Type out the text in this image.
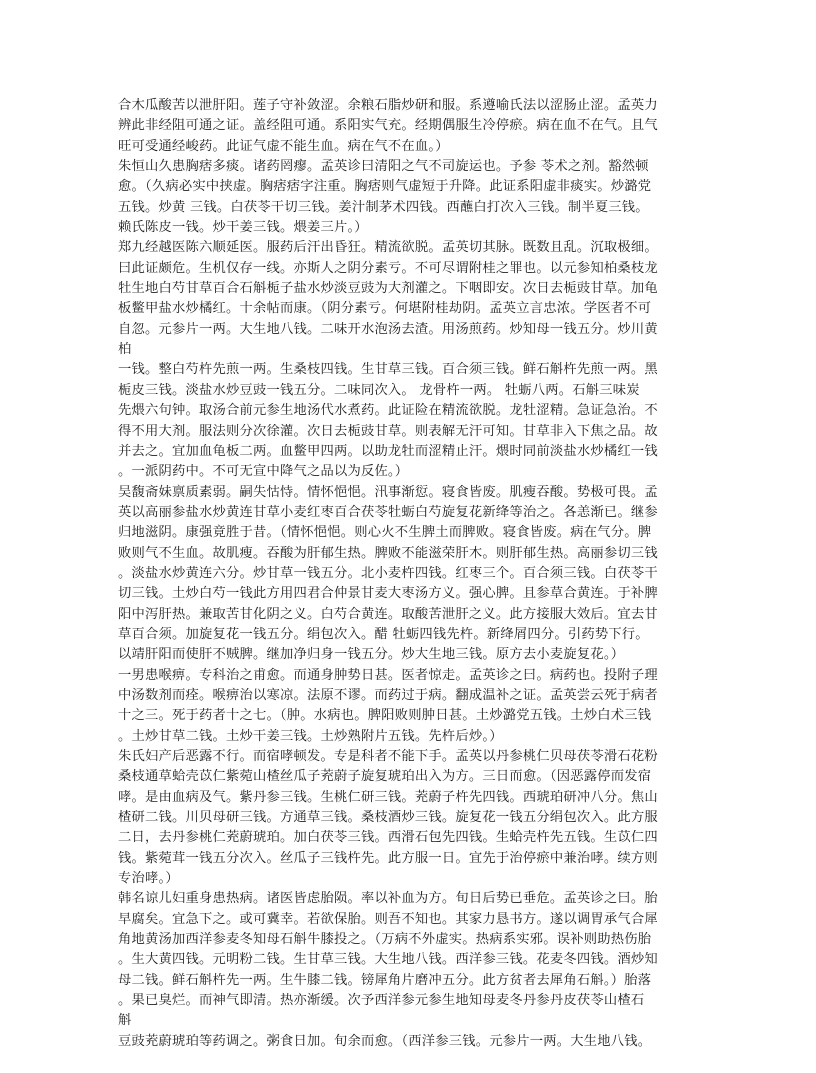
合木瓜酸苦以泄肝阳。莲子守补敛涩。余粮石脂炒研和服。系遵喻氏法以涩肠止涩。孟英力
辨此非经阻可通之证。盖经阻可通。系阳实气充。经期偶服生冷停瘀。病在血不在气。且气
旺可受通经峻药。此证气虚不能生血。病在气不在血。）
朱恒山久患胸痞多痰。诸药罔瘳。孟英诊曰清阳之气不司旋运也。予参 苓术之剂。豁然顿
愈。（久病必实中挟虚。胸痞痞字注重。胸痞则气虚短于升降。此证系阳虚非痰实。炒潞党
五钱。炒黄 三钱。白茯苓干切三钱。姜汁制茅术四钱。西蘸白打次入三钱。制半夏三钱。
赖氏陈皮一钱。炒干姜三钱。煨姜三片。）
郑九经越医陈六顺延医。服药后汗出昏狂。精流欲脱。孟英切其脉。既数且乱。沉取极细。
曰此证颇危。生机仅存一线。亦斯人之阴分素亏。不可尽谓附桂之罪也。以元参知柏桑枝龙
牡生地白芍甘草百合石斛栀子盐水炒淡豆豉为大剂灌之。下咽即安。次日去栀豉甘草。加龟
板鳖甲盐水炒橘红。十余帖而康。（阴分素亏。何堪附桂劫阴。孟英立言忠浓。学医者不可
自忽。元参片一两。大生地八钱。二味开水泡汤去渣。用汤煎药。炒知母一钱五分。炒川黄
柏
一钱。整白芍杵先煎一两。生桑枝四钱。生甘草三钱。百合须三钱。鲜石斛杵先煎一两。黑
栀皮三钱。淡盐水炒豆豉一钱五分。二味同次入。 龙骨杵一两。 牡蛎八两。石斛三味炭
先煨六句钟。取汤合前元参生地汤代水煮药。此证险在精流欲脱。龙牡涩精。急证急治。不
得不用大剂。服法则分次徐灌。次日去栀豉甘草。则表解无汗可知。甘草非入下焦之品。故
并去之。宜加血龟板二两。血鳖甲四两。以助龙牡而涩精止汗。煨时同前淡盐水炒橘红一钱
。一派阴药中。不可无宣中降气之品以为反佐。）
吴馥斋妹禀质素弱。嗣失怙恃。情怀悒悒。汛事渐愆。寝食皆废。肌瘦吞酸。势极可畏。孟
英以高丽参盐水炒黄连甘草小麦红枣百合茯苓牡蛎白芍旋复花新绛等治之。各恙渐已。继参
归地滋阴。康强竟胜于昔。（情怀悒悒。则心火不生脾土而脾败。寝食皆废。病在气分。脾
败则气不生血。故肌瘦。吞酸为肝郁生热。脾败不能滋荣肝木。则肝郁生热。高丽参切三钱
。淡盐水炒黄连六分。炒甘草一钱五分。北小麦杵四钱。红枣三个。百合须三钱。白茯苓干
切三钱。土炒白芍一钱此方用四君合仲景甘麦大枣汤方义。强心脾。且参草合黄连。于补脾
阳中泻肝热。兼取苦甘化阴之义。白芍合黄连。取酸苦泄肝之义。此方接服大效后。宜去甘
草百合须。加旋复花一钱五分。绢包次入。醋 牡蛎四钱先杵。新绛屑四分。引药势下行。
以靖肝阳而使肝不贼脾。继加净归身一钱五分。炒大生地三钱。原方去小麦旋复花。）
一男患喉痹。专科治之甫愈。而通身肿势日甚。医者惊走。孟英诊之曰。病药也。投附子理
中汤数剂而痊。喉痹治以寒凉。法原不谬。而药过于病。翻成温补之证。孟英尝云死于病者
十之三。死于药者十之七。（肿。水病也。脾阳败则肿日甚。土炒潞党五钱。土炒白术三钱
。土炒甘草二钱。土炒干姜三钱。土炒熟附片五钱。先杵后炒。）
朱氏妇产后恶露不行。而宿哮顿发。专是科者不能下手。孟英以丹参桃仁贝母茯苓滑石花粉
桑枝通草蛤壳苡仁紫菀山楂丝瓜子茺蔚子旋复琥珀出入为方。三日而愈。（因恶露停而发宿
哮。是由血病及气。紫丹参三钱。生桃仁研三钱。茺蔚子杵先四钱。西琥珀研冲八分。焦山
楂研二钱。川贝母研三钱。方通草三钱。桑枝酒炒三钱。旋复花一钱五分绢包次入。此方服
二日，去丹参桃仁茺蔚琥珀。加白茯苓三钱。西滑石包先四钱。生蛤壳杵先五钱。生苡仁四
钱。紫菀茸一钱五分次入。丝瓜子三钱杵先。此方服一日。宜先于治停瘀中兼治哮。续方则
专治哮。）
韩名谅儿妇重身患热病。诸医皆虑胎陨。率以补血为方。旬日后势已垂危。孟英诊之曰。胎
早腐矣。宜急下之。或可冀幸。若欲保胎。则吾不知也。其家力恳书方。遂以调胃承气合犀
角地黄汤加西洋参麦冬知母石斛牛膝投之。（万病不外虚实。热病系实邪。误补则助热伤胎
。生大黄四钱。元明粉二钱。生甘草三钱。大生地八钱。西洋参三钱。花麦冬四钱。酒炒知
母二钱。鲜石斛杵先一两。生牛膝二钱。镑犀角片磨冲五分。此方贫者去犀角石斛。）胎落
。果已臭烂。而神气即清。热亦渐缓。次予西洋参元参生地知母麦冬丹参丹皮茯苓山楂石
斛
豆豉茺蔚琥珀等药调之。粥食日加。旬余而愈。（西洋参三钱。元参片一两。大生地八钱。
